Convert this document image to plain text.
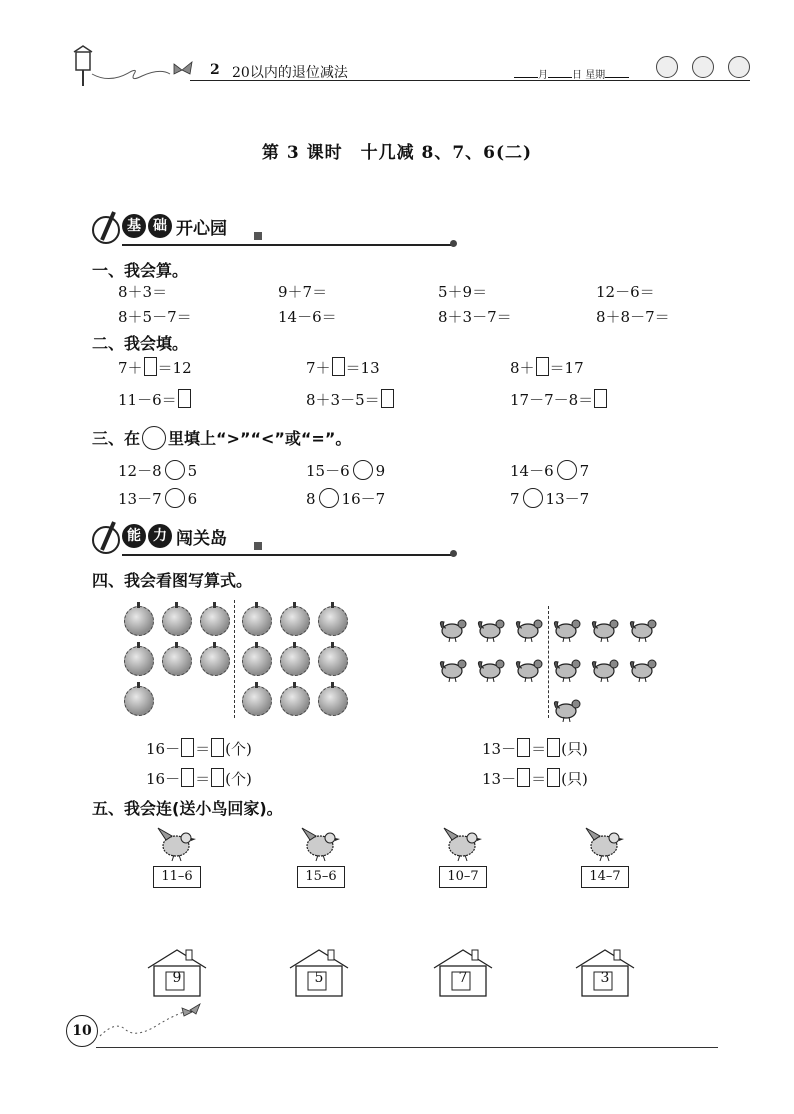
2 20以内的退位减法	月 日 星期
第 3 课时　十几减 8、7、6(二)
基 础 开心园
一、我会算。
8＋3＝	9＋7＝	5＋9＝	12－6＝
8＋5－7＝	14－6＝	8＋3－7＝	8＋8－7＝
二、我会填。
7＋ ＝12	7＋ ＝13	8＋ ＝17
11－6＝	8＋3－5＝	17－7－8＝
三、在 里填上“>”“<”或“=”。
12－8 5	15－6 9	14－6 7
13－7 6	8 16－7	7 13－7
能 力 闯关岛
四、我会看图写算式。
16－ ＝ (个)
16－ ＝ (个)
13－ ＝ (只)
13－ ＝ (只)
五、我会连(送小鸟回家)。
11–6	15–6	10–7	14–7
9	5	7	3
10
